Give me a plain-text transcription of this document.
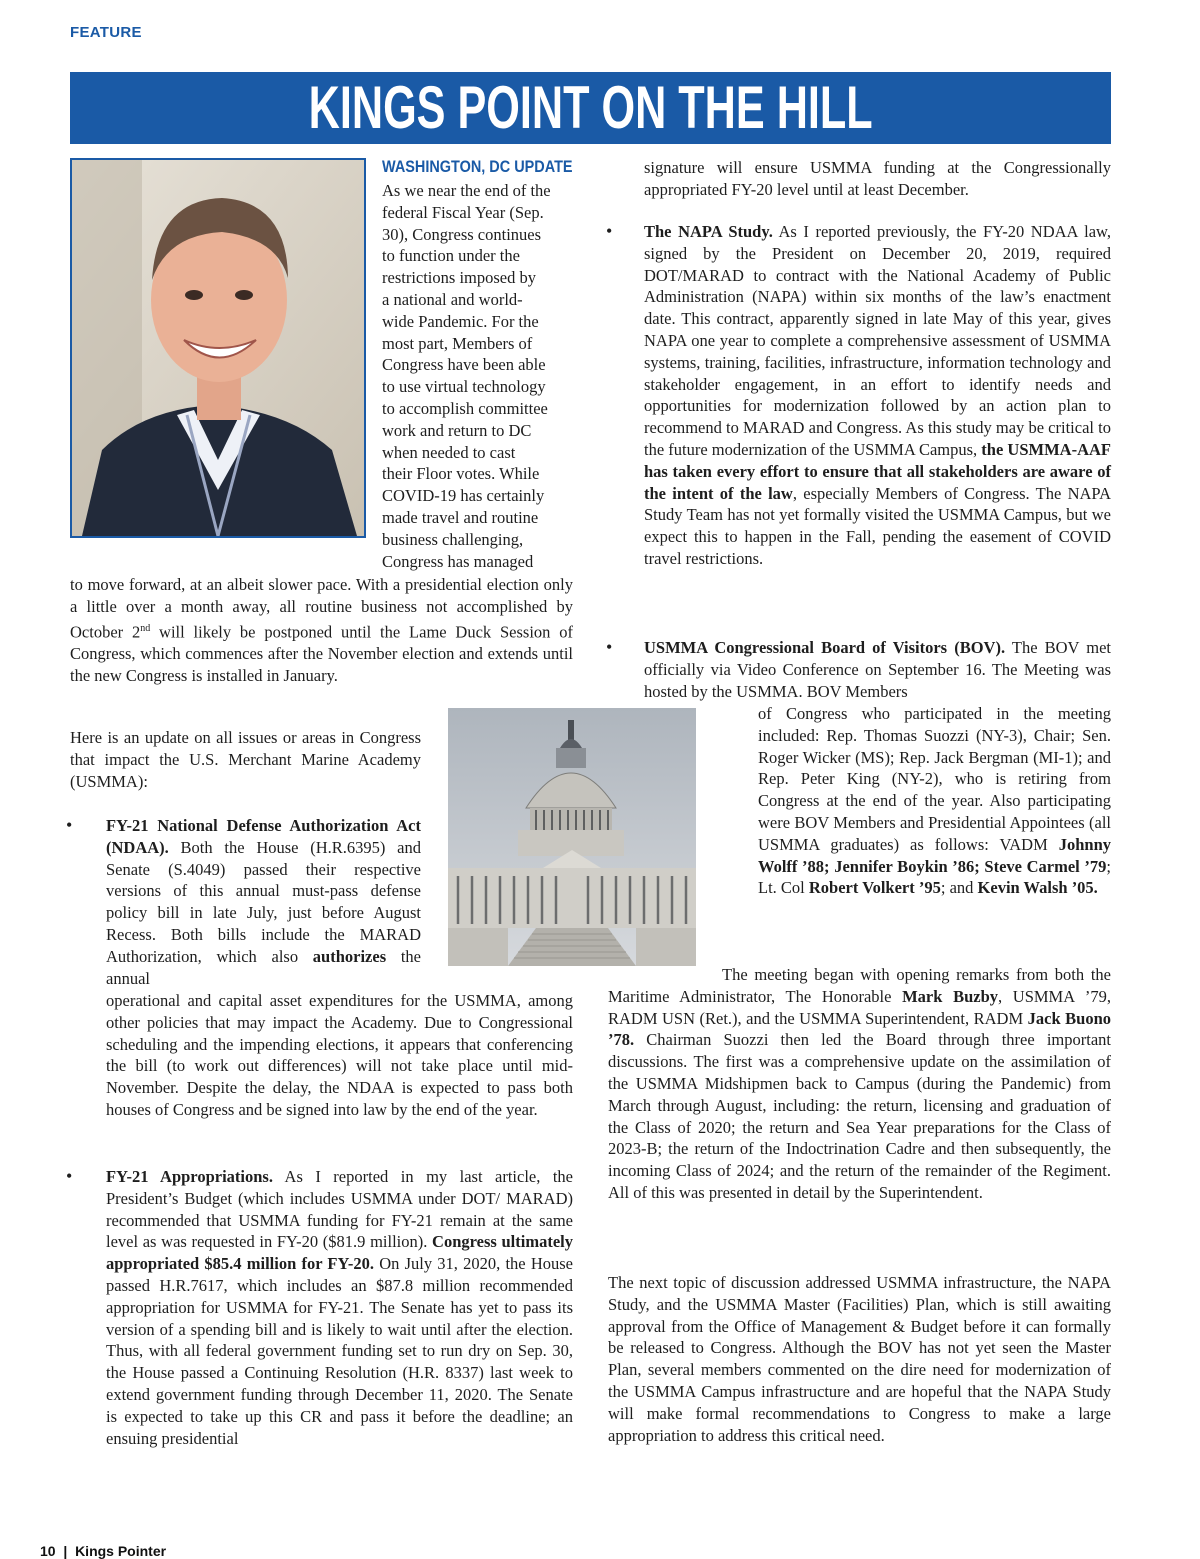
FEATURE
KINGS POINT ON THE HILL
WASHINGTON, DC UPDATE
As we near the end of the
federal Fiscal Year (Sep.
30), Congress continues
to function under the
restrictions imposed by
a national and world-
wide Pandemic. For the
most part, Members of
Congress have been able
to use virtual technology
to accomplish committee
work and return to DC
when needed to cast
their Floor votes. While
COVID-19 has certainly
made travel and routine
business challenging,
Congress has managed
to move forward, at an albeit slower pace. With a presidential election only a little over a month away, all routine business not accomplished by October 2nd will likely be postponed until the Lame Duck Session of Congress, which commences after the November election and extends until the new Congress is installed in January.
Here is an update on all issues or areas in Congress that impact the U.S. Merchant Marine Academy (USMMA):
• FY-21 National Defense Authorization Act (NDAA). Both the House (H.R.6395) and Senate (S.4049) passed their respective versions of this annual must-pass defense policy bill in late July, just before August Recess. Both bills include the MARAD Authorization, which also authorizes the annual
operational and capital asset expenditures for the USMMA, among other policies that may impact the Academy. Due to Congressional scheduling and the impending elections, it appears that conferencing the bill (to work out differences) will not take place until mid-November. Despite the delay, the NDAA is expected to pass both houses of Congress and be signed into law by the end of the year.
• FY-21 Appropriations. As I reported in my last article, the President’s Budget (which includes USMMA under DOT/ MARAD) recommended that USMMA funding for FY-21 remain at the same level as was requested in FY-20 ($81.9 million). Congress ultimately appropriated $85.4 million for FY-20. On July 31, 2020, the House passed H.R.7617, which includes an $87.8 million recommended appropriation for USMMA for FY-21. The Senate has yet to pass its version of a spending bill and is likely to wait until after the election. Thus, with all federal government funding set to run dry on Sep. 30, the House passed a Continuing Resolution (H.R. 8337) last week to extend government funding through December 11, 2020. The Senate is expected to take up this CR and pass it before the deadline; an ensuing presidential
signature will ensure USMMA funding at the Congressionally appropriated FY-20 level until at least December.
• The NAPA Study. As I reported previously, the FY-20 NDAA law, signed by the President on December 20, 2019, required DOT/MARAD to contract with the National Academy of Public Administration (NAPA) within six months of the law’s enactment date. This contract, apparently signed in late May of this year, gives NAPA one year to complete a comprehensive assessment of USMMA systems, training, facilities, infrastructure, information technology and stakeholder engagement, in an effort to identify needs and opportunities for modernization followed by an action plan to recommend to MARAD and Congress. As this study may be critical to the future modernization of the USMMA Campus, the USMMA-AAF has taken every effort to ensure that all stakeholders are aware of the intent of the law, especially Members of Congress. The NAPA Study Team has not yet formally visited the USMMA Campus, but we expect this to happen in the Fall, pending the easement of COVID travel restrictions.
• USMMA Congressional Board of Visitors (BOV). The BOV met officially via Video Conference on September 16. The Meeting was hosted by the USMMA. BOV Members
of Congress who participated in the meeting included: Rep. Thomas Suozzi (NY-3), Chair; Sen. Roger Wicker (MS); Rep. Jack Bergman (MI-1); and Rep. Peter King (NY-2), who is retiring from Congress at the end of the year. Also participating were BOV Members and Presidential Appointees (all USMMA graduates) as follows: VADM Johnny Wolff ’88; Jennifer Boykin ’86; Steve Carmel ’79; Lt. Col Robert Volkert ’95; and Kevin Walsh ’05.
The meeting began with opening remarks from both the Maritime Administrator, The Honorable Mark Buzby, USMMA ’79, RADM USN (Ret.), and the USMMA Superintendent, RADM Jack Buono ’78. Chairman Suozzi then led the Board through three important discussions. The first was a comprehensive update on the assimilation of the USMMA Midshipmen back to Campus (during the Pandemic) from March through August, including: the return, licensing and graduation of the Class of 2020; the return and Sea Year preparations for the Class of 2023-B; the return of the Indoctrination Cadre and then subsequently, the incoming Class of 2024; and the return of the remainder of the Regiment. All of this was presented in detail by the Superintendent.
The next topic of discussion addressed USMMA infrastructure, the NAPA Study, and the USMMA Master (Facilities) Plan, which is still awaiting approval from the Office of Management & Budget before it can formally be released to Congress. Although the BOV has not yet seen the Master Plan, several members commented on the dire need for modernization of the USMMA Campus infrastructure and are hopeful that the NAPA Study will make formal recommendations to Congress to make a large appropriation to address this critical need.
10 | Kings Pointer
